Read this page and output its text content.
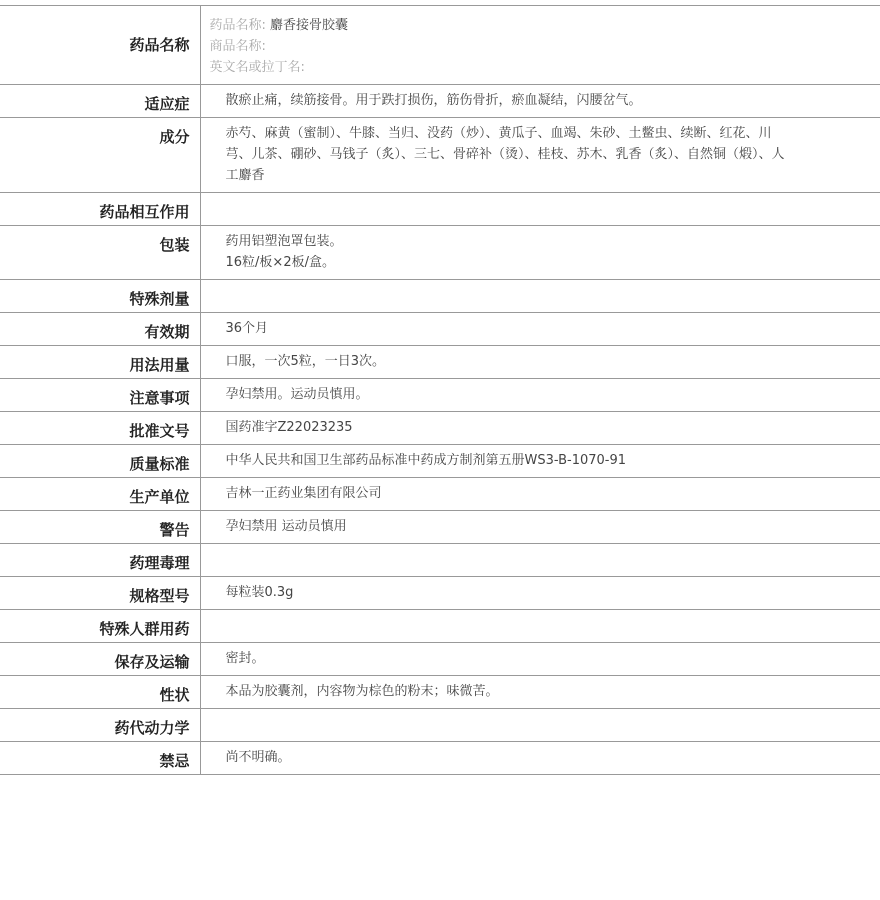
药品名称	药品名称: 麝香接骨胶囊
商品名称:
英文名或拉丁名:

适应症	散瘀止痛，续筋接骨。用于跌打损伤，筋伤骨折，瘀血凝结，闪腰岔气。
成分	赤芍、麻黄（蜜制）、牛膝、当归、没药（炒）、黄瓜子、血竭、朱砂、土鳖虫、续断、红花、川芎、儿茶、硼砂、马钱子（炙）、三七、骨碎补（烫）、桂枝、苏木、乳香（炙）、自然铜（煅）、人工麝香
药品相互作用	
包装	药用铝塑泡罩包装。
16粒/板×2板/盒。

特殊剂量	
有效期	36个月
用法用量	口服，一次5粒，一日3次。
注意事项	孕妇禁用。运动员慎用。
批准文号	国药准字Z22023235
质量标准	中华人民共和国卫生部药品标准中药成方制剂第五册WS3-B-1070-91
生产单位	吉林一正药业集团有限公司
警告	孕妇禁用 运动员慎用
药理毒理	
规格型号	每粒装0.3g
特殊人群用药	
保存及运输	密封。
性状	本品为胶囊剂，内容物为棕色的粉末；味微苦。
药代动力学	
禁忌	尚不明确。
